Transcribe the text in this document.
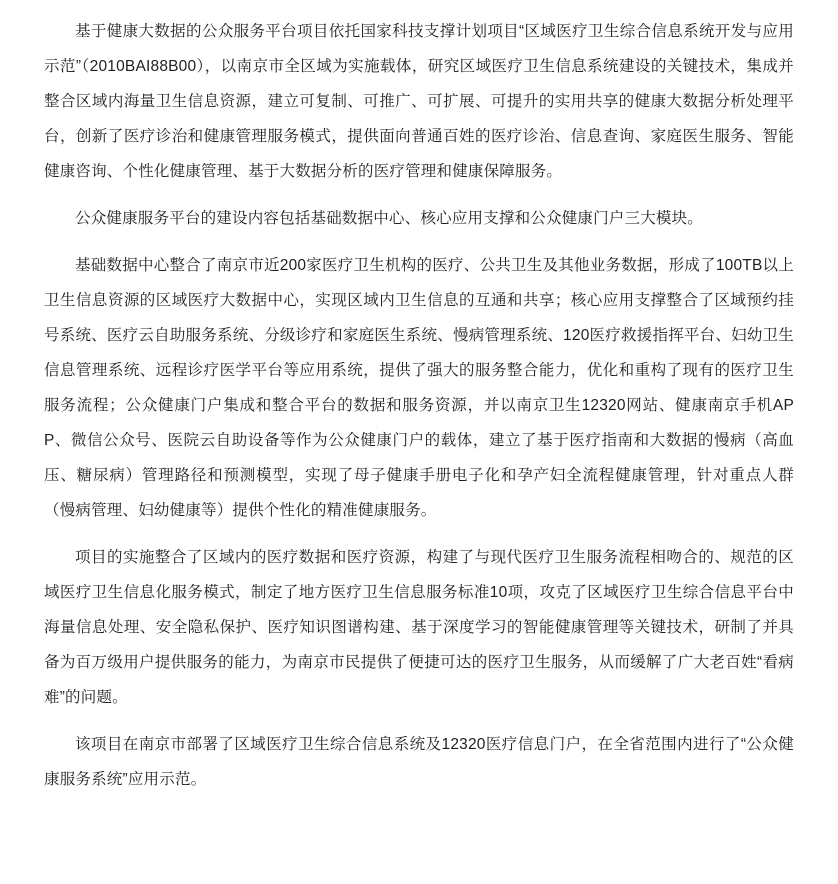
基于健康大数据的公众服务平台项目依托国家科技支撑计划项目“区域医疗卫生综合信息系统开发与应用示范”（2010BAI88B00），以南京市全区域为实施载体，研究区域医疗卫生信息系统建设的关键技术，集成并整合区域内海量卫生信息资源，建立可复制、可推广、可扩展、可提升的实用共享的健康大数据分析处理平台，创新了医疗诊治和健康管理服务模式，提供面向普通百姓的医疗诊治、信息查询、家庭医生服务、智能健康咨询、个性化健康管理、基于大数据分析的医疗管理和健康保障服务。

公众健康服务平台的建设内容包括基础数据中心、核心应用支撑和公众健康门户三大模块。

基础数据中心整合了南京市近200家医疗卫生机构的医疗、公共卫生及其他业务数据，形成了100TB以上卫生信息资源的区域医疗大数据中心，实现区域内卫生信息的互通和共享；核心应用支撑整合了区域预约挂号系统、医疗云自助服务系统、分级诊疗和家庭医生系统、慢病管理系统、120医疗救援指挥平台、妇幼卫生信息管理系统、远程诊疗医学平台等应用系统，提供了强大的服务整合能力，优化和重构了现有的医疗卫生服务流程；公众健康门户集成和整合平台的数据和服务资源，并以南京卫生12320网站、健康南京手机APP、微信公众号、医院云自助设备等作为公众健康门户的载体，建立了基于医疗指南和大数据的慢病（高血压、糖尿病）管理路径和预测模型，实现了母子健康手册电子化和孕产妇全流程健康管理，针对重点人群（慢病管理、妇幼健康等）提供个性化的精准健康服务。

项目的实施整合了区域内的医疗数据和医疗资源，构建了与现代医疗卫生服务流程相吻合的、规范的区域医疗卫生信息化服务模式，制定了地方医疗卫生信息服务标准10项，攻克了区域医疗卫生综合信息平台中海量信息处理、安全隐私保护、医疗知识图谱构建、基于深度学习的智能健康管理等关键技术，研制了并具备为百万级用户提供服务的能力，为南京市民提供了便捷可达的医疗卫生服务，从而缓解了广大老百姓“看病难”的问题。

该项目在南京市部署了区域医疗卫生综合信息系统及12320医疗信息门户，在全省范围内进行了“公众健康服务系统”应用示范。
